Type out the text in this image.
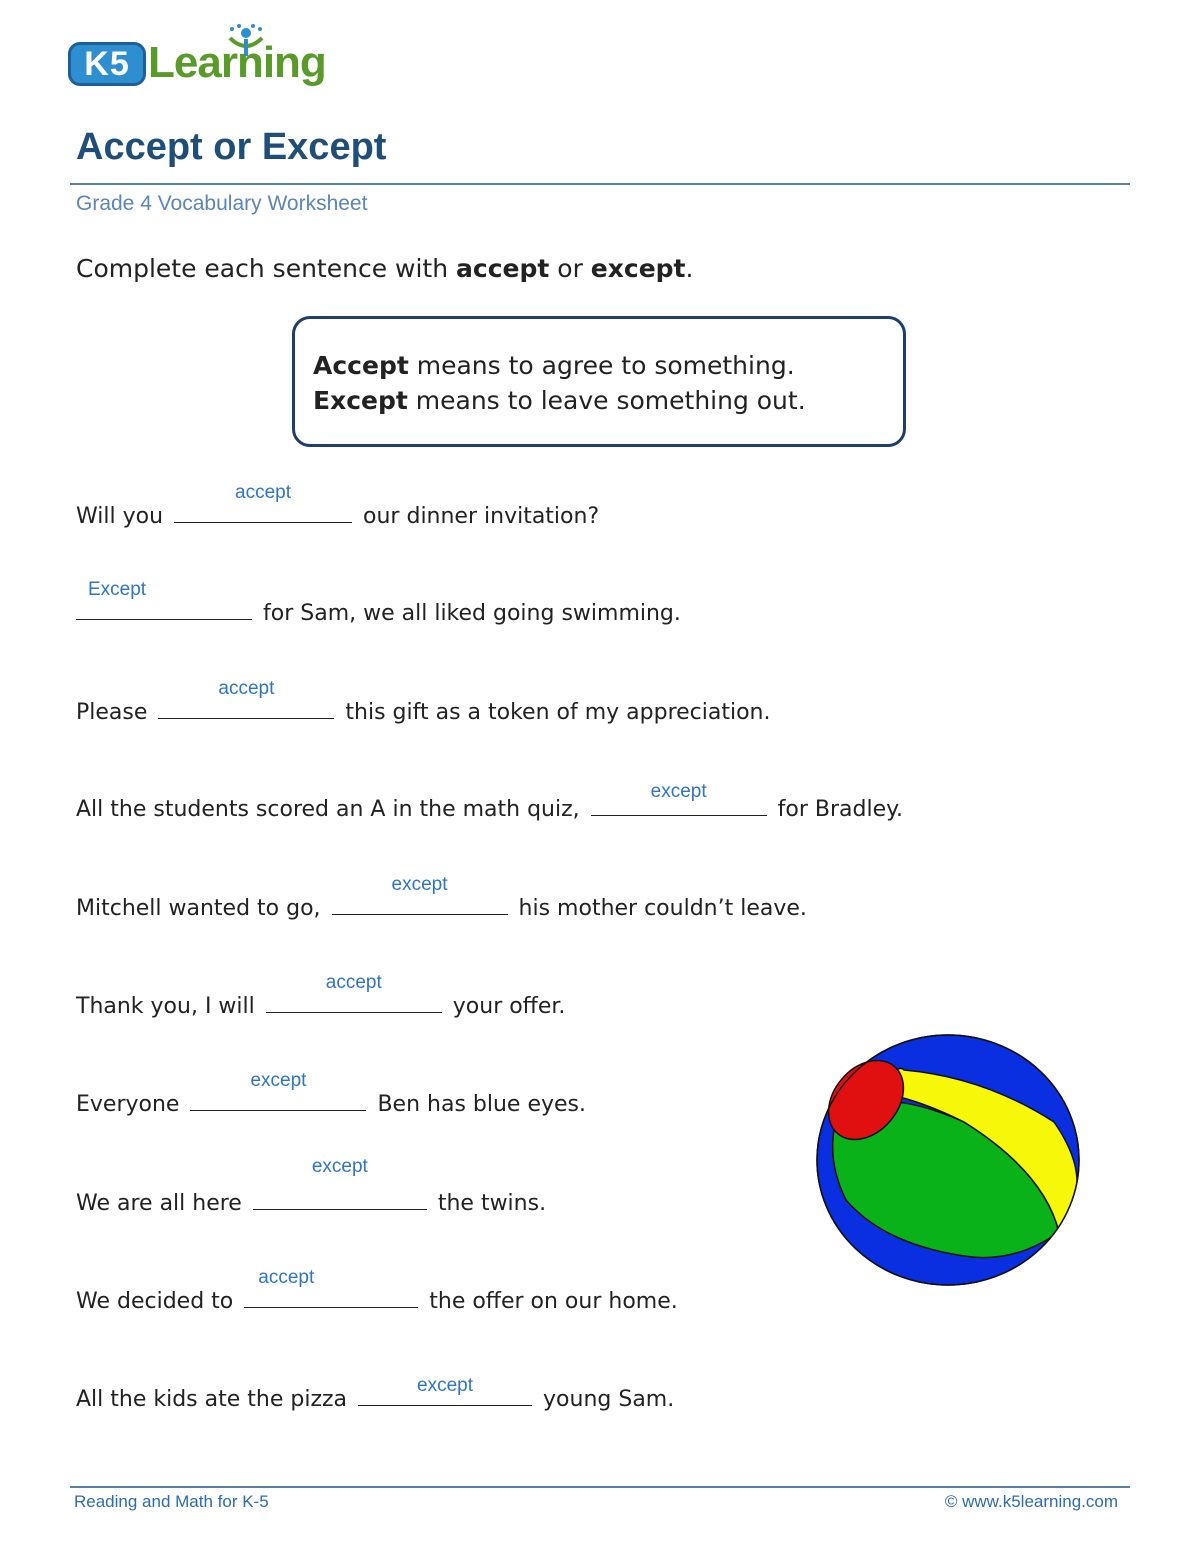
K5 Learning
Accept or Except
Grade 4 Vocabulary Worksheet
Complete each sentence with accept or except.
Accept means to agree to something.
Except means to leave something out.
Will you
accept
our dinner invitation?
Except
for Sam, we all liked going swimming.
Please
accept
this gift as a token of my appreciation.
All the students scored an A in the math quiz,
except
for Bradley.
Mitchell wanted to go,
except
his mother couldn’t leave.
Thank you, I will
accept
your offer.
Everyone
except
Ben has blue eyes.
We are all here
except
the twins.
We decided to
accept
the offer on our home.
All the kids ate the pizza
except
young Sam.
Reading and Math for K-5	© www.k5learning.com
